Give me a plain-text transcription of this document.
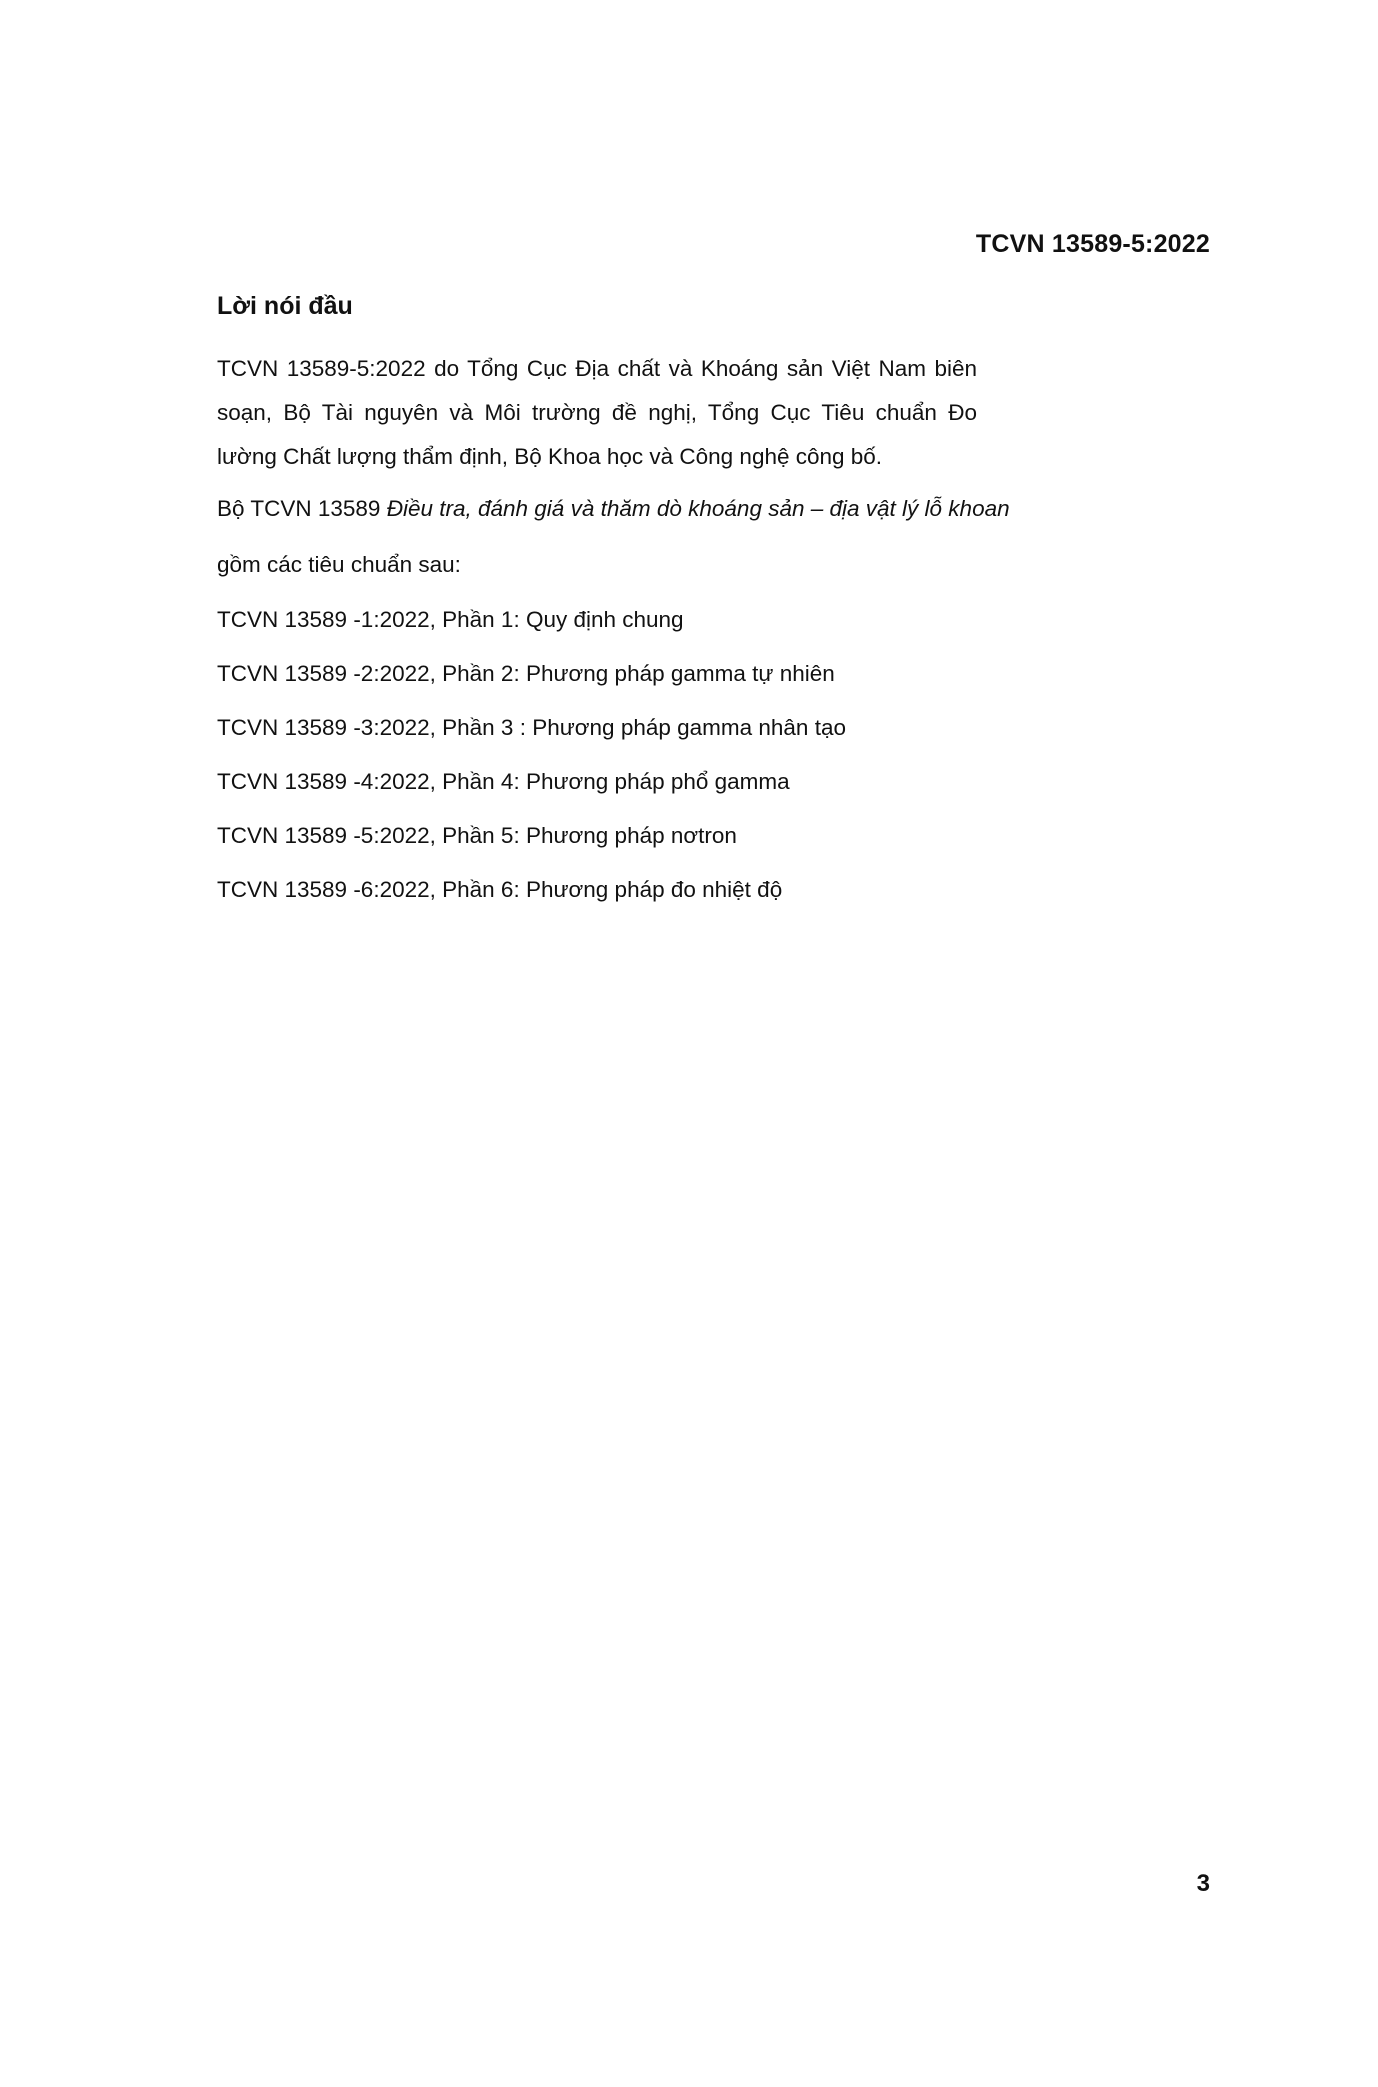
TCVN 13589-5:2022
Lời nói đầu

TCVN 13589-5:2022 do Tổng Cục Địa chất và Khoáng sản Việt Nam biên soạn, Bộ Tài nguyên và Môi trường đề nghị, Tổng Cục Tiêu chuẩn Đo lường Chất lượng thẩm định, Bộ Khoa học và Công nghệ công bố.

Bộ TCVN 13589 Điều tra, đánh giá và thăm dò khoáng sản – địa vật lý lỗ khoan

gồm các tiêu chuẩn sau:

TCVN 13589 -1:2022, Phần 1: Quy định chung
TCVN 13589 -2:2022, Phần 2: Phương pháp gamma tự nhiên
TCVN 13589 -3:2022, Phần 3 : Phương pháp gamma nhân tạo
TCVN 13589 -4:2022, Phần 4: Phương pháp phổ gamma
TCVN 13589 -5:2022, Phần 5: Phương pháp nơtron
TCVN 13589 -6:2022, Phần 6: Phương pháp đo nhiệt độ
3
